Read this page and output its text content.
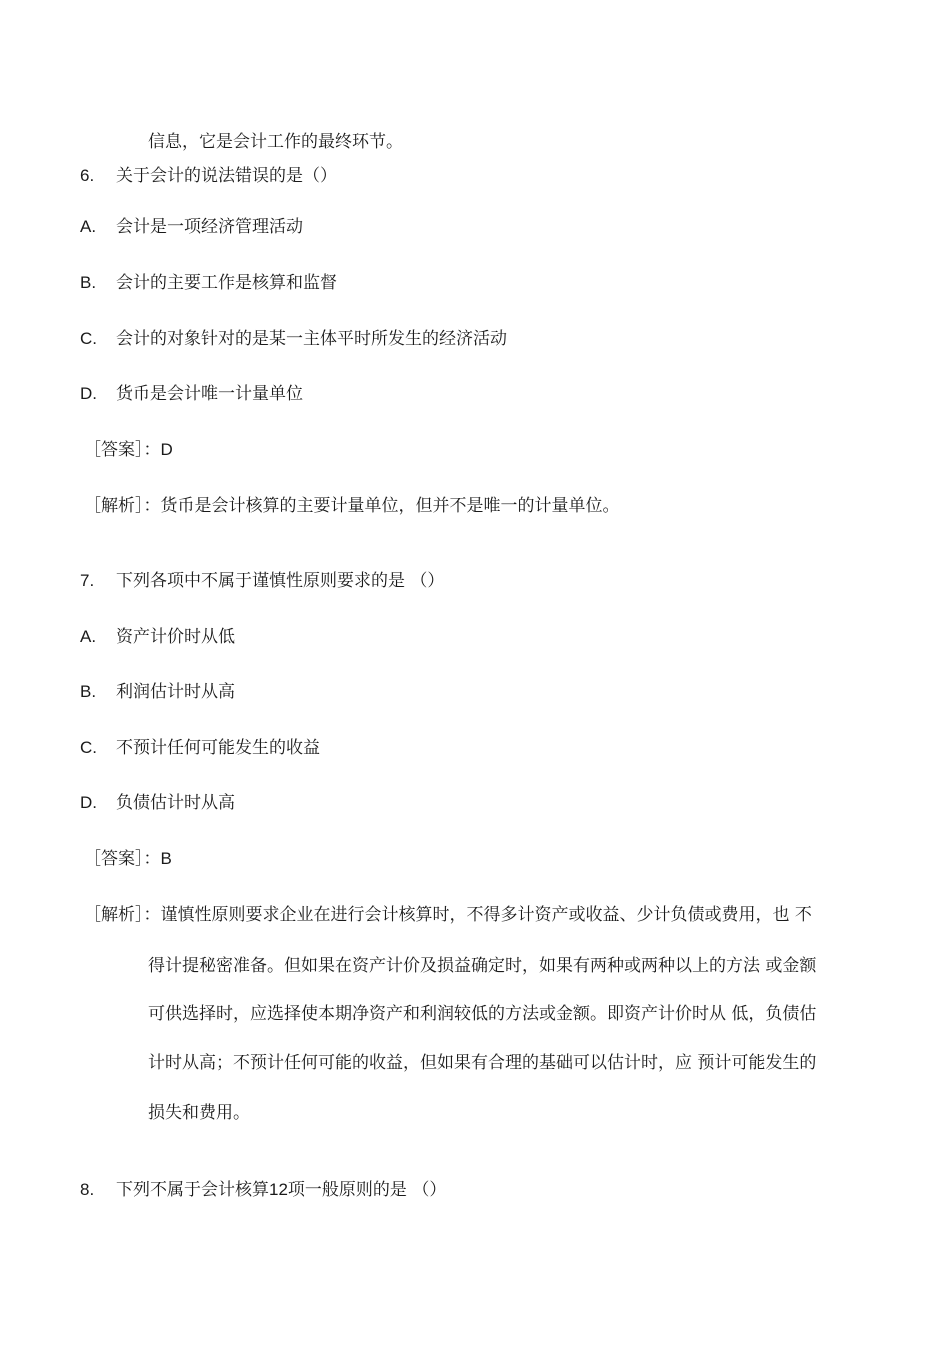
信息，它是会计工作的最终环节。
6. 关于会计的说法错误的是（）
A. 会计是一项经济管理活动
B. 会计的主要工作是核算和监督
C. 会计的对象针对的是某一主体平时所发生的经济活动
D. 货币是会计唯一计量单位
［答案］：D
［解析］：货币是会计核算的主要计量单位，但并不是唯一的计量单位。
7. 下列各项中不属于谨慎性原则要求的是 （）
A. 资产计价时从低
B. 利润估计时从高
C. 不预计任何可能发生的收益
D. 负债估计时从高
［答案］：B
［解析］：谨慎性原则要求企业在进行会计核算时，不得多计资产或收益、少计负债或费用，也 不
得计提秘密准备。但如果在资产计价及损益确定时，如果有两种或两种以上的方法 或金额
可供选择时，应选择使本期净资产和利润较低的方法或金额。即资产计价时从 低，负债估
计时从高；不预计任何可能的收益，但如果有合理的基础可以估计时，应 预计可能发生的
损失和费用。
8. 下列不属于会计核算12项一般原则的是 （）
